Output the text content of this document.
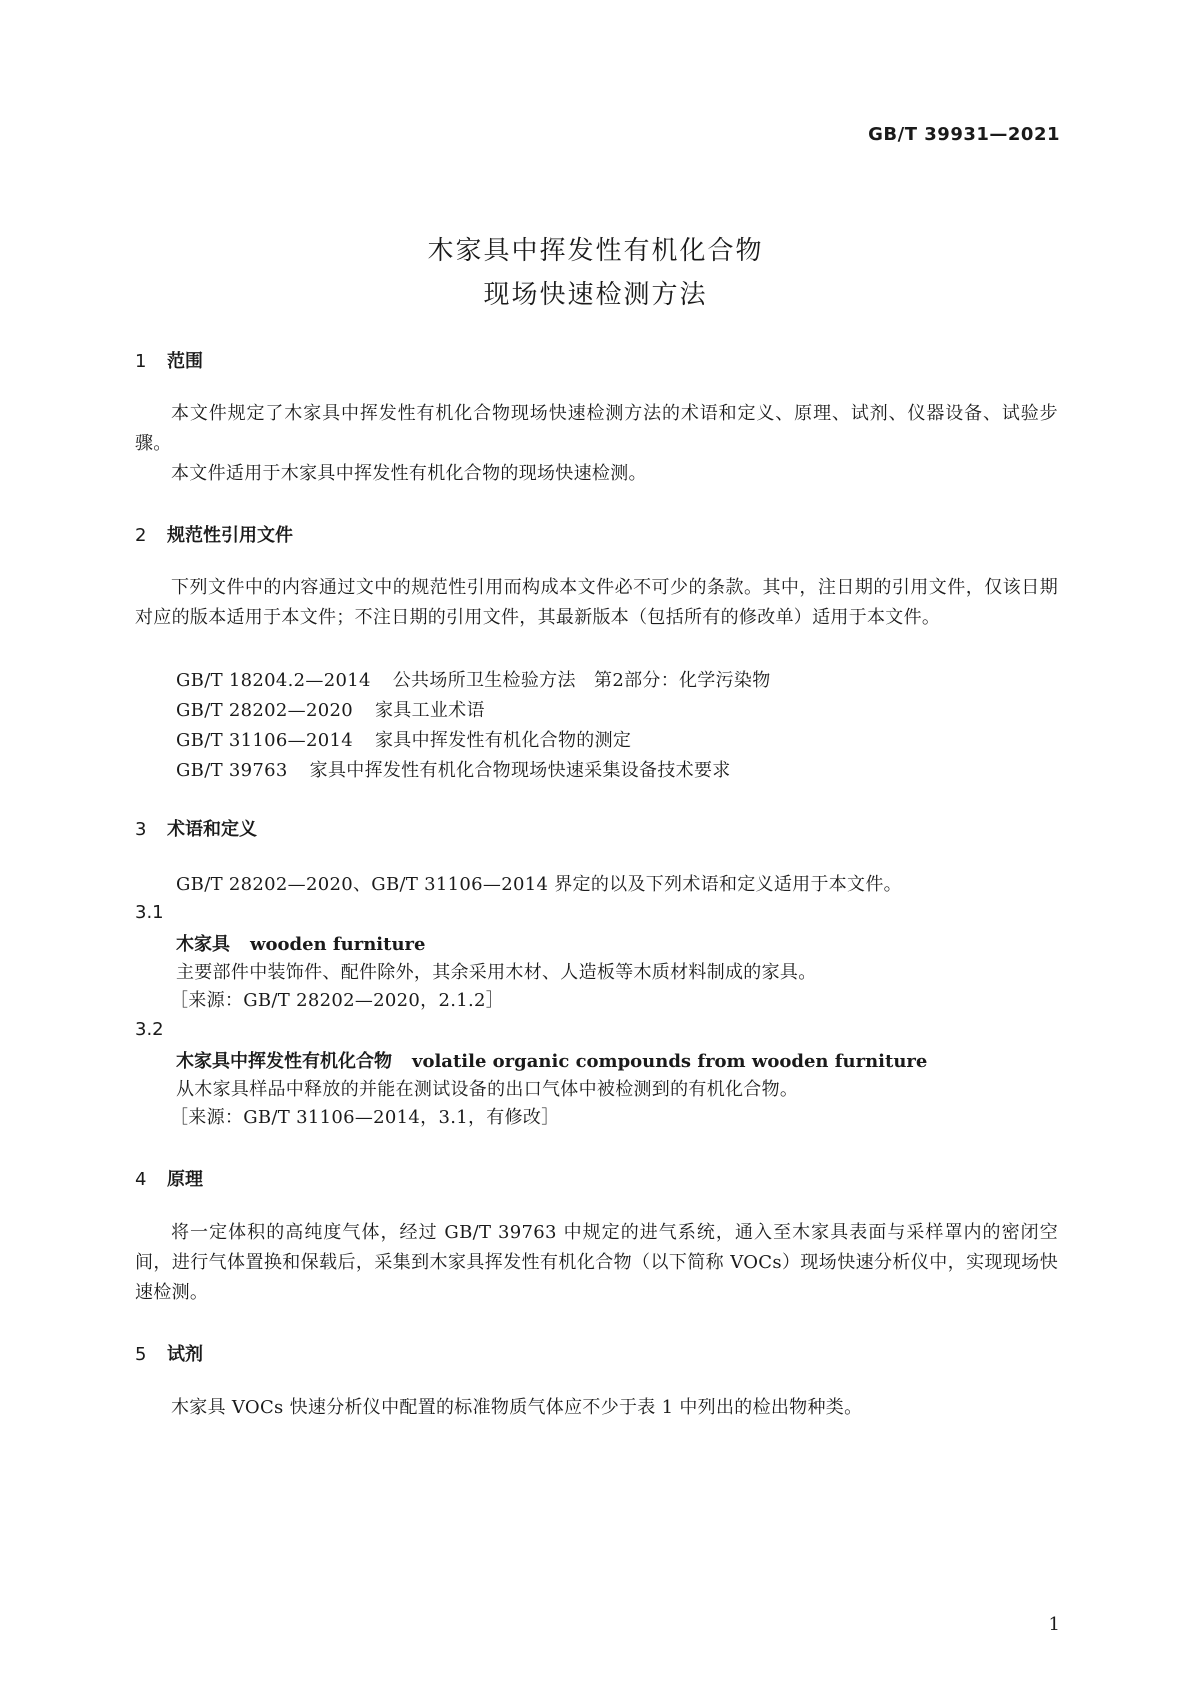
GB/T 39931—2021
木家具中挥发性有机化合物
现场快速检测方法
1 范围
本文件规定了木家具中挥发性有机化合物现场快速检测方法的术语和定义、原理、试剂、仪器设备、试验步骤。
本文件适用于木家具中挥发性有机化合物的现场快速检测。
2 规范性引用文件
下列文件中的内容通过文中的规范性引用而构成本文件必不可少的条款。其中，注日期的引用文件，仅该日期对应的版本适用于本文件；不注日期的引用文件，其最新版本（包括所有的修改单）适用于本文件。
GB/T 18204.2—2014 公共场所卫生检验方法　第2部分：化学污染物
GB/T 28202—2020 家具工业术语
GB/T 31106—2014 家具中挥发性有机化合物的测定
GB/T 39763 家具中挥发性有机化合物现场快速采集设备技术要求
3 术语和定义
GB/T 28202—2020、GB/T 31106—2014 界定的以及下列术语和定义适用于本文件。
3.1
木家具 wooden furniture
主要部件中装饰件、配件除外，其余采用木材、人造板等木质材料制成的家具。
［来源：GB/T 28202—2020，2.1.2］
3.2
木家具中挥发性有机化合物 volatile organic compounds from wooden furniture
从木家具样品中释放的并能在测试设备的出口气体中被检测到的有机化合物。
［来源：GB/T 31106—2014，3.1，有修改］
4 原理
将一定体积的高纯度气体，经过 GB/T 39763 中规定的进气系统，通入至木家具表面与采样罩内的密闭空间，进行气体置换和保载后，采集到木家具挥发性有机化合物（以下简称 VOCs）现场快速分析仪中，实现现场快速检测。
5 试剂
木家具 VOCs 快速分析仪中配置的标准物质气体应不少于表 1 中列出的检出物种类。
1
